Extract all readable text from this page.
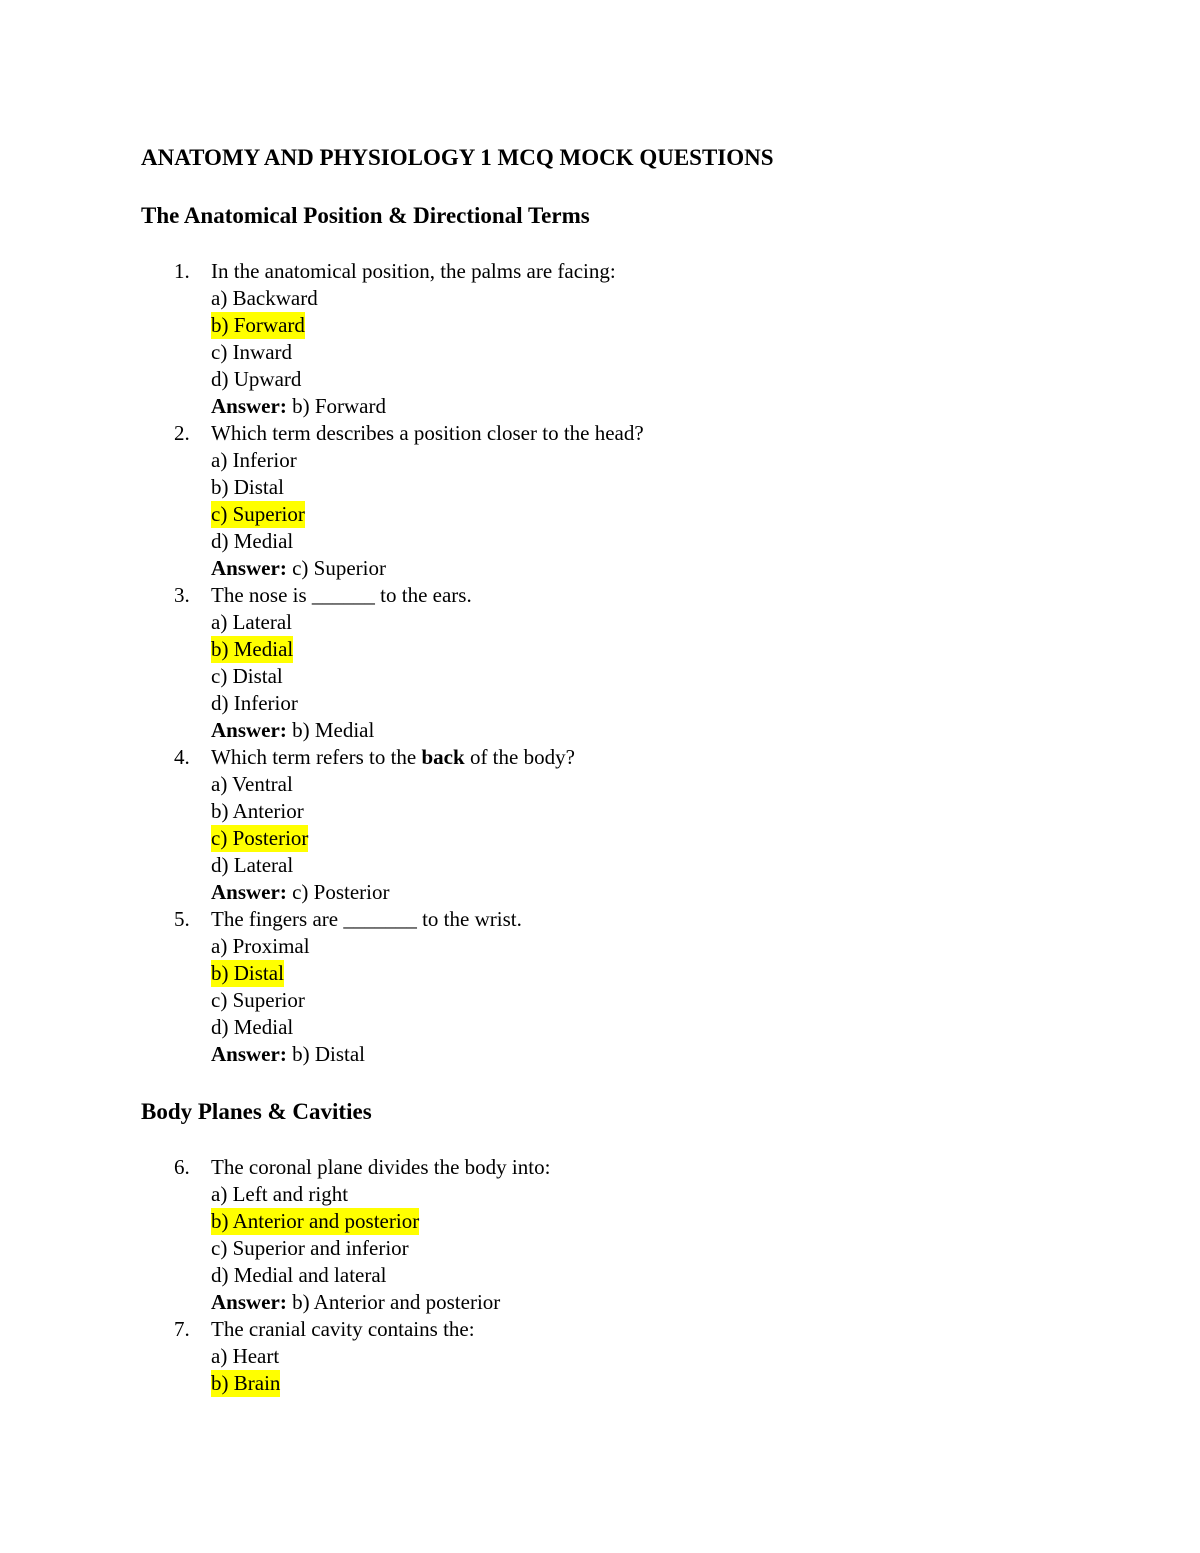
ANATOMY AND PHYSIOLOGY 1 MCQ MOCK QUESTIONS
The Anatomical Position & Directional Terms
1. In the anatomical position, the palms are facing:
a) Backward
b) Forward
c) Inward
d) Upward
Answer: b) Forward
2. Which term describes a position closer to the head?
a) Inferior
b) Distal
c) Superior
d) Medial
Answer: c) Superior
3. The nose is ______ to the ears.
a) Lateral
b) Medial
c) Distal
d) Inferior
Answer: b) Medial
4. Which term refers to the back of the body?
a) Ventral
b) Anterior
c) Posterior
d) Lateral
Answer: c) Posterior
5. The fingers are _______ to the wrist.
a) Proximal
b) Distal
c) Superior
d) Medial
Answer: b) Distal
Body Planes & Cavities
6. The coronal plane divides the body into:
a) Left and right
b) Anterior and posterior
c) Superior and inferior
d) Medial and lateral
Answer: b) Anterior and posterior
7. The cranial cavity contains the:
a) Heart
b) Brain
